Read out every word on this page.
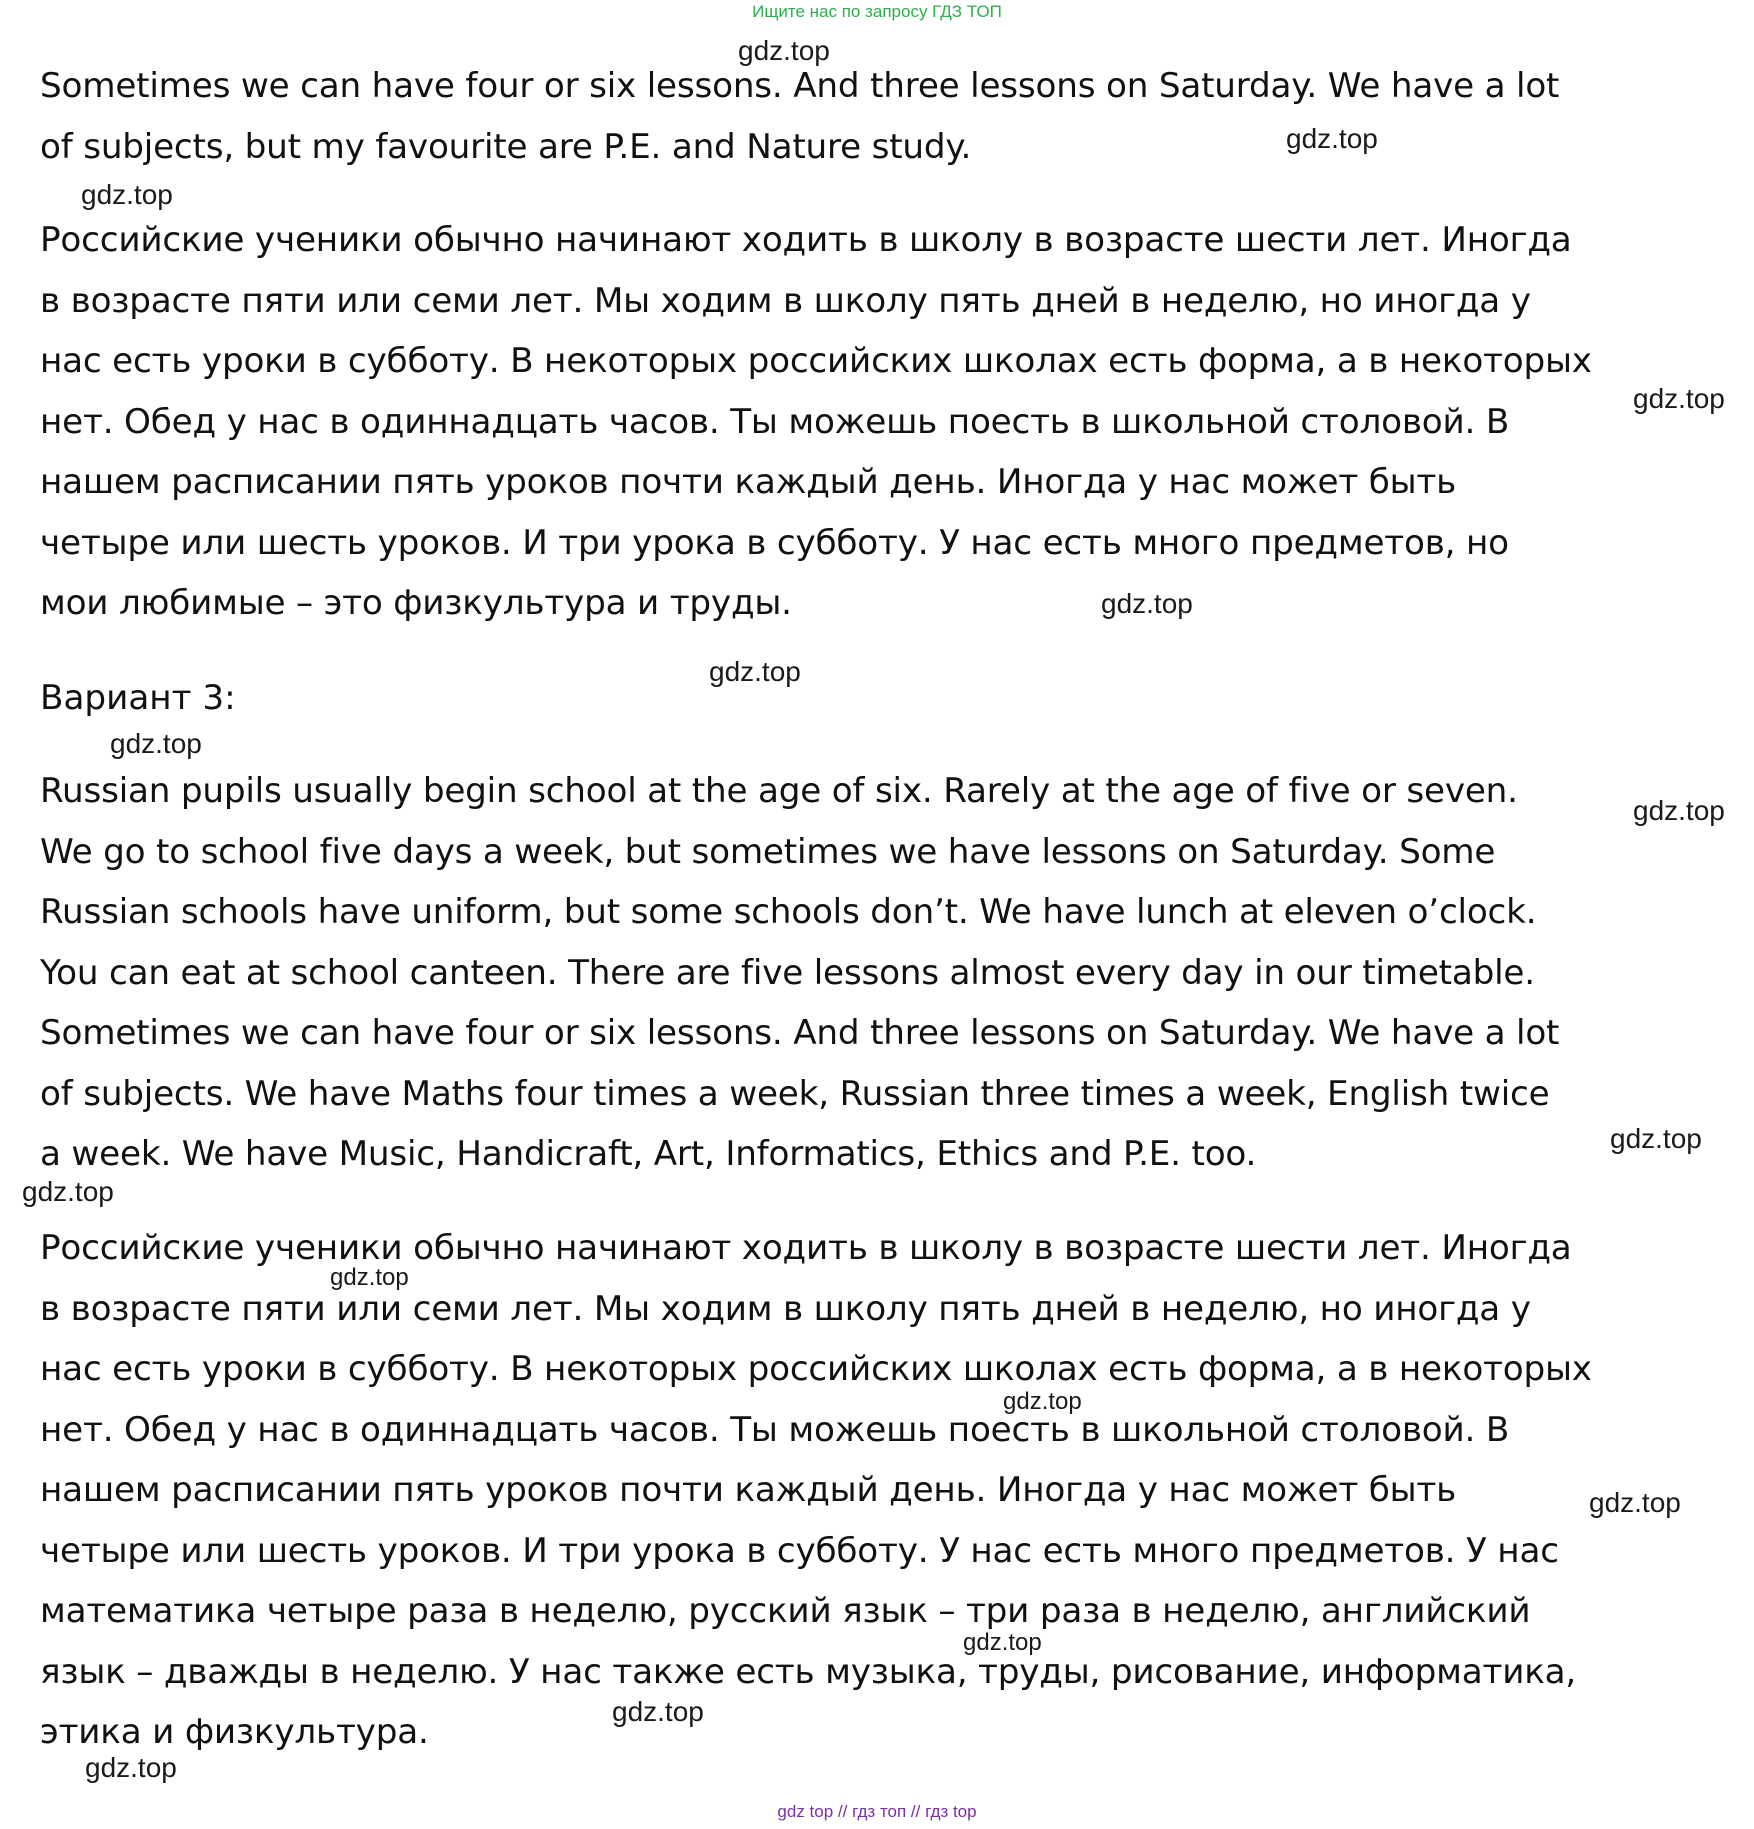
Ищите нас по запросу ГДЗ ТОП
Sometimes we can have four or six lessons. And three lessons on Saturday. We have a lot
of subjects, but my favourite are P.E. and Nature study.
Российские ученики обычно начинают ходить в школу в возрасте шести лет. Иногда
в возрасте пяти или семи лет. Мы ходим в школу пять дней в неделю, но иногда у
нас есть уроки в субботу. В некоторых российских школах есть форма, а в некоторых
нет. Обед у нас в одиннадцать часов. Ты можешь поесть в школьной столовой. В
нашем расписании пять уроков почти каждый день. Иногда у нас может быть
четыре или шесть уроков. И три урока в субботу. У нас есть много предметов, но
мои любимые – это физкультура и труды.
Вариант 3:
Russian pupils usually begin school at the age of six. Rarely at the age of five or seven.
We go to school five days a week, but sometimes we have lessons on Saturday. Some
Russian schools have uniform, but some schools don’t. We have lunch at eleven o’clock.
You can eat at school canteen. There are five lessons almost every day in our timetable.
Sometimes we can have four or six lessons. And three lessons on Saturday. We have a lot
of subjects. We have Maths four times a week, Russian three times a week, English twice
a week. We have Music, Handicraft, Art, Informatics, Ethics and P.E. too.
Российские ученики обычно начинают ходить в школу в возрасте шести лет. Иногда
в возрасте пяти или семи лет. Мы ходим в школу пять дней в неделю, но иногда у
нас есть уроки в субботу. В некоторых российских школах есть форма, а в некоторых
нет. Обед у нас в одиннадцать часов. Ты можешь поесть в школьной столовой. В
нашем расписании пять уроков почти каждый день. Иногда у нас может быть
четыре или шесть уроков. И три урока в субботу. У нас есть много предметов. У нас
математика четыре раза в неделю, русский язык – три раза в неделю, английский
язык – дважды в неделю. У нас также есть музыка, труды, рисование, информатика,
этика и физкультура.
gdz.top
gdz.top
gdz.top
gdz.top
gdz.top
gdz.top
gdz.top
gdz.top
gdz.top
gdz.top
gdz.top
gdz.top
gdz.top
gdz.top
gdz.top
gdz.top
gdz top // гдз топ // гдз top
